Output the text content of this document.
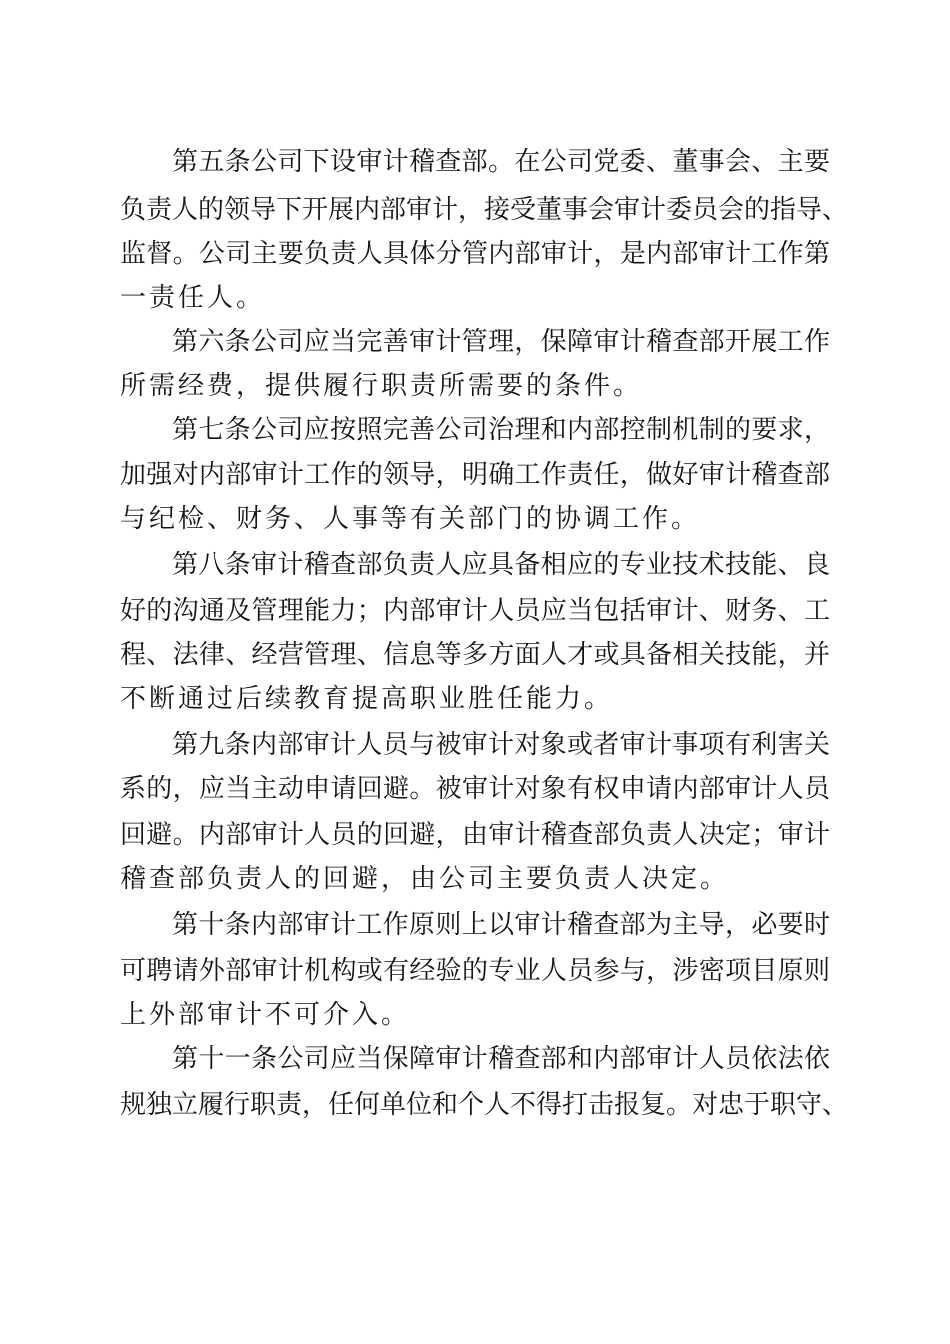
第五条公司下设审计稽查部。在公司党委、董事会、主要
负责人的领导下开展内部审计，接受董事会审计委员会的指导、
监督。公司主要负责人具体分管内部审计，是内部审计工作第
一责任人。
第六条公司应当完善审计管理，保障审计稽查部开展工作
所需经费，提供履行职责所需要的条件。
第七条公司应按照完善公司治理和内部控制机制的要求，
加强对内部审计工作的领导，明确工作责任，做好审计稽查部
与纪检、财务、人事等有关部门的协调工作。
第八条审计稽查部负责人应具备相应的专业技术技能、良
好的沟通及管理能力；内部审计人员应当包括审计、财务、工
程、法律、经营管理、信息等多方面人才或具备相关技能，并
不断通过后续教育提高职业胜任能力。
第九条内部审计人员与被审计对象或者审计事项有利害关
系的，应当主动申请回避。被审计对象有权申请内部审计人员
回避。内部审计人员的回避，由审计稽查部负责人决定；审计
稽查部负责人的回避，由公司主要负责人决定。
第十条内部审计工作原则上以审计稽查部为主导，必要时
可聘请外部审计机构或有经验的专业人员参与，涉密项目原则
上外部审计不可介入。
第十一条公司应当保障审计稽查部和内部审计人员依法依
规独立履行职责，任何单位和个人不得打击报复。对忠于职守、
